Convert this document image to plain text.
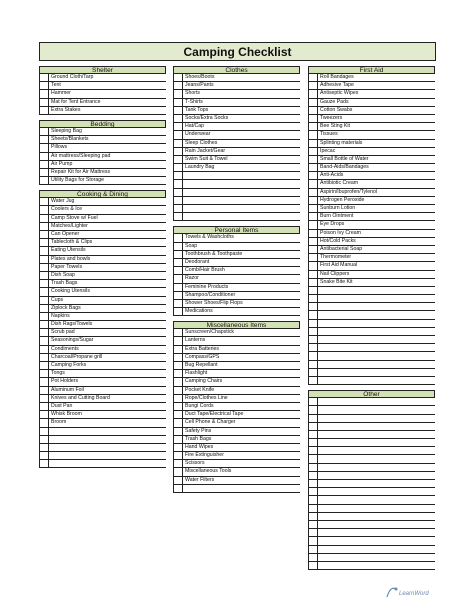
Camping Checklist
Shelter
Ground Cloth/Tarp
Tent
Hammer
Mat for Tent Entrance
Extra Stakes
Bedding
Sleeping Bag
Sheets/Blankets
Pillows
Air mattress/Sleeping pad
Air Pump
Repair Kit for Air Mattress
Utility Bags for Storage
Cooking & Dining
Water Jug
Coolers & Ice
Camp Stove w/ Fuel
Matches/Lighter
Can Opener
Tablecloth & Clips
Eating Utensils
Plates and bowls
Paper Towels
Dish Soap
Trash Bags
Cooking Utensils
Cups
Ziplock Bags
Napkins
Dish Rags/Towels
Scrub pad
Seasonings/Sugar
Condiments
Charcoal/Propane grill
Camping Forks
Tongs
Pot Holders
Aluminum Foil
Knives and Cutting Board
Dust Pan
Whisk Broom
Broom
Clothes
Shoes/Boots
Jeans/Pants
Shorts
T-Shirts
Tank Tops
Socks/Extra Socks
Hat/Cap
Underwear
Sleep Clothes
Rain Jacket/Gear
Swim Suit & Towel
Laundry Bag
Personal Items
Towels & Washcloths
Soap
Toothbrush & Toothpaste
Deodorant
Comb/Hair Brush
Razor
Feminine Products
Shampoo/Conditioner
Shower Shoes/Flip Flops
Medications
Miscellaneous Items
Sunscreen/Chapstick
Lanterns
Extra Batteries
Compass/GPS
Bug Repellant
Flashlight
Camping Chairs
Pocket Knife
Rope/Clothes Line
Bungi Cords
Duct Tape/Electrical Tape
Cell Phone & Charger
Safety Pins
Trash Bags
Hand Wipes
Fire Extinguisher
Scissors
Miscellaneous Tools
Water Filters
First Aid
Roll Bandages
Adhesive Tape
Antiseptic Wipes
Gauze Pads
Cotton Swabs
Tweezers
Bee Sting Kit
Tissues
Splinting materials
Ipecac
Small Bottle of Water
Band-Aids/Bandages
Anti-Acids
Antibiotic Cream
Aspirin/Ibuprofen/Tylenol
Hydrogen Peroxide
Sunburn Lotion
Burn Ointment
Eye Drops
Poison Ivy Cream
Hot/Cold Packs
Antibacterial Soap
Thermometer
First Aid Manual
Nail Clippers
Snake Bite Kit
Other
LearnWord
